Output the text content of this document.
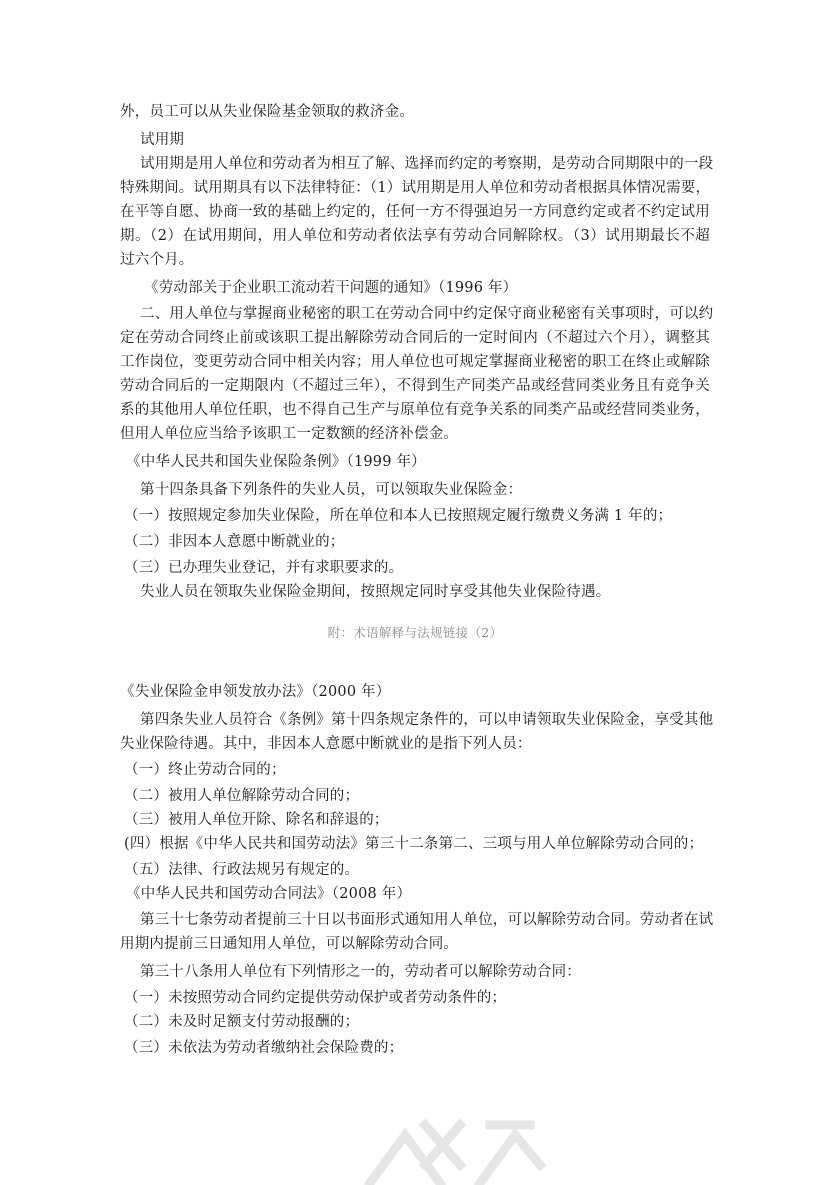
外，员工可以从失业保险基金领取的救济金。
试用期
试用期是用人单位和劳动者为相互了解、选择而约定的考察期，是劳动合同期限中的一段
特殊期间。试用期具有以下法律特征：（1）试用期是用人单位和劳动者根据具体情况需要，
在平等自愿、协商一致的基础上约定的，任何一方不得强迫另一方同意约定或者不约定试用
期。（2）在试用期间，用人单位和劳动者依法享有劳动合同解除权。（3）试用期最长不超
过六个月。
《劳动部关于企业职工流动若干问题的通知》（1996 年）
二、用人单位与掌握商业秘密的职工在劳动合同中约定保守商业秘密有关事项时，可以约
定在劳动合同终止前或该职工提出解除劳动合同后的一定时间内（不超过六个月），调整其
工作岗位，变更劳动合同中相关内容；用人单位也可规定掌握商业秘密的职工在终止或解除
劳动合同后的一定期限内（不超过三年），不得到生产同类产品或经营同类业务且有竞争关
系的其他用人单位任职，也不得自己生产与原单位有竞争关系的同类产品或经营同类业务，
但用人单位应当给予该职工一定数额的经济补偿金。
《中华人民共和国失业保险条例》（1999 年）
第十四条具备下列条件的失业人员，可以领取失业保险金：
（一）按照规定参加失业保险，所在单位和本人已按照规定履行缴费义务满 1 年的；
（二）非因本人意愿中断就业的；
（三）已办理失业登记，并有求职要求的。
失业人员在领取失业保险金期间，按照规定同时享受其他失业保险待遇。
附：术语解释与法规链接（2）
《失业保险金申领发放办法》（2000 年）
第四条失业人员符合《条例》第十四条规定条件的，可以申请领取失业保险金，享受其他
失业保险待遇。其中，非因本人意愿中断就业的是指下列人员：
（一）终止劳动合同的；
（二）被用人单位解除劳动合同的；
（三）被用人单位开除、除名和辞退的；
(四）根据《中华人民共和国劳动法》第三十二条第二、三项与用人单位解除劳动合同的；
（五）法律、行政法规另有规定的。
《中华人民共和国劳动合同法》（2008 年）
第三十七条劳动者提前三十日以书面形式通知用人单位，可以解除劳动合同。劳动者在试
用期内提前三日通知用人单位，可以解除劳动合同。
第三十八条用人单位有下列情形之一的，劳动者可以解除劳动合同：
（一）未按照劳动合同约定提供劳动保护或者劳动条件的；
（二）未及时足额支付劳动报酬的；
（三）未依法为劳动者缴纳社会保险费的；
